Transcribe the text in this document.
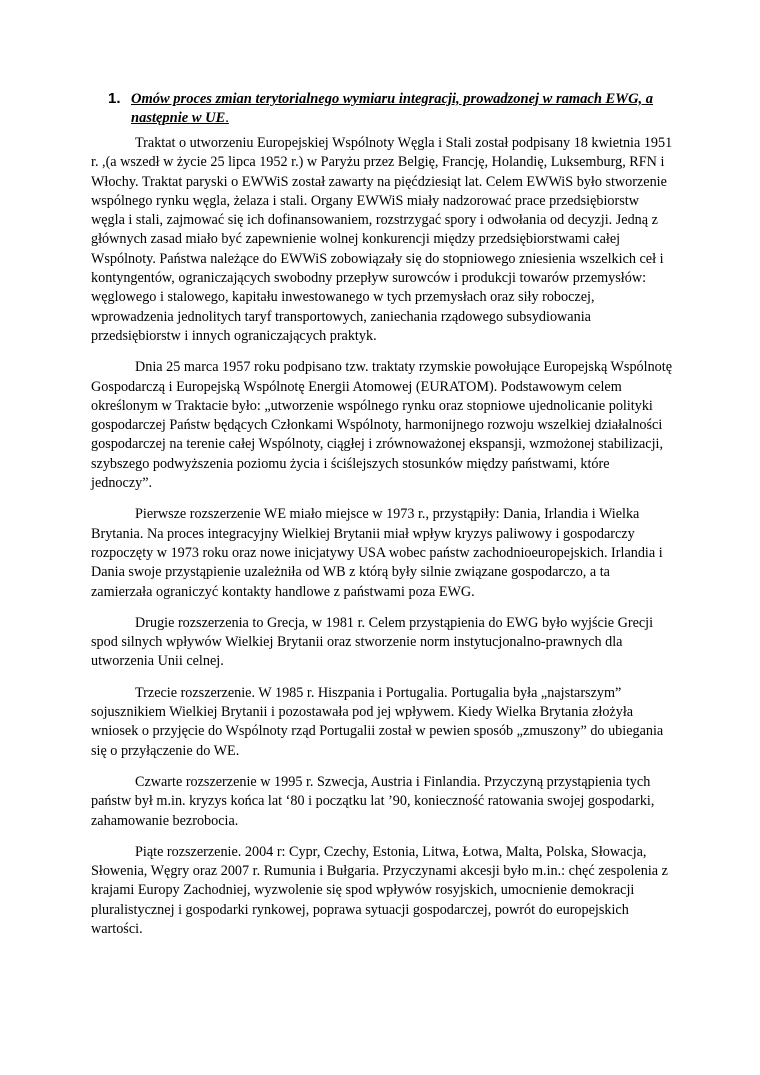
1. Omów proces zmian terytorialnego wymiaru integracji, prowadzonej w ramach EWG, a
następnie w UE.

Traktat o utworzeniu Europejskiej Wspólnoty Węgla i Stali został podpisany 18 kwietnia 1951 r. ,(a wszedł w życie 25 lipca 1952 r.) w Paryżu przez Belgię, Francję, Holandię, Luksemburg, RFN i Włochy. Traktat paryski o EWWiS został zawarty na pięćdziesiąt lat. Celem EWWiS było stworzenie wspólnego rynku węgla, żelaza i stali. Organy EWWiS miały nadzorować prace przedsiębiorstw węgla i stali, zajmować się ich dofinansowaniem, rozstrzygać spory i odwołania od decyzji. Jedną z głównych zasad miało być zapewnienie wolnej konkurencji między przedsiębiorstwami całej Wspólnoty. Państwa należące do EWWiS zobowiązały się do stopniowego zniesienia wszelkich ceł i kontyngentów, ograniczających swobodny przepływ surowców i produkcji towarów przemysłów: węglowego i stalowego, kapitału inwestowanego w tych przemysłach oraz siły roboczej, wprowadzenia jednolitych taryf transportowych, zaniechania rządowego subsydiowania przedsiębiorstw i innych ograniczających praktyk.

Dnia 25 marca 1957 roku podpisano tzw. traktaty rzymskie powołujące Europejską Wspólnotę Gospodarczą i Europejską Wspólnotę Energii Atomowej (EURATOM). Podstawowym celem określonym w Traktacie było: „utworzenie wspólnego rynku oraz stopniowe ujednolicanie polityki gospodarczej Państw będących Członkami Wspólnoty, harmonijnego rozwoju wszelkiej działalności gospodarczej na terenie całej Wspólnoty, ciągłej i zrównoważonej ekspansji, wzmożonej stabilizacji, szybszego podwyższenia poziomu życia i ściślejszych stosunków między państwami, które jednoczy”.

Pierwsze rozszerzenie WE miało miejsce w 1973 r., przystąpiły: Dania, Irlandia i Wielka Brytania. Na proces integracyjny Wielkiej Brytanii miał wpływ kryzys paliwowy i gospodarczy rozpoczęty w 1973 roku oraz nowe inicjatywy USA wobec państw zachodnioeuropejskich. Irlandia i Dania swoje przystąpienie uzależniła od WB z którą były silnie związane gospodarczo, a ta zamierzała ograniczyć kontakty handlowe z państwami poza EWG.

Drugie rozszerzenia to Grecja, w 1981 r. Celem przystąpienia do EWG było wyjście Grecji spod silnych wpływów Wielkiej Brytanii oraz stworzenie norm instytucjonalno-prawnych dla utworzenia Unii celnej.

Trzecie rozszerzenie. W 1985 r. Hiszpania i Portugalia. Portugalia była „najstarszym” sojusznikiem Wielkiej Brytanii i pozostawała pod jej wpływem. Kiedy Wielka Brytania złożyła wniosek o przyjęcie do Wspólnoty rząd Portugalii został w pewien sposób „zmuszony” do ubiegania się o przyłączenie do WE.

Czwarte rozszerzenie w 1995 r. Szwecja, Austria i Finlandia. Przyczyną przystąpienia tych państw był m.in. kryzys końca lat ‘80 i początku lat ’90, konieczność ratowania swojej gospodarki, zahamowanie bezrobocia.

Piąte rozszerzenie. 2004 r: Cypr, Czechy, Estonia, Litwa, Łotwa, Malta, Polska, Słowacja, Słowenia, Węgry oraz 2007 r. Rumunia i Bułgaria. Przyczynami akcesji było m.in.: chęć zespolenia z krajami Europy Zachodniej, wyzwolenie się spod wpływów rosyjskich, umocnienie demokracji pluralistycznej i gospodarki rynkowej, poprawa sytuacji gospodarczej, powrót do europejskich wartości.
